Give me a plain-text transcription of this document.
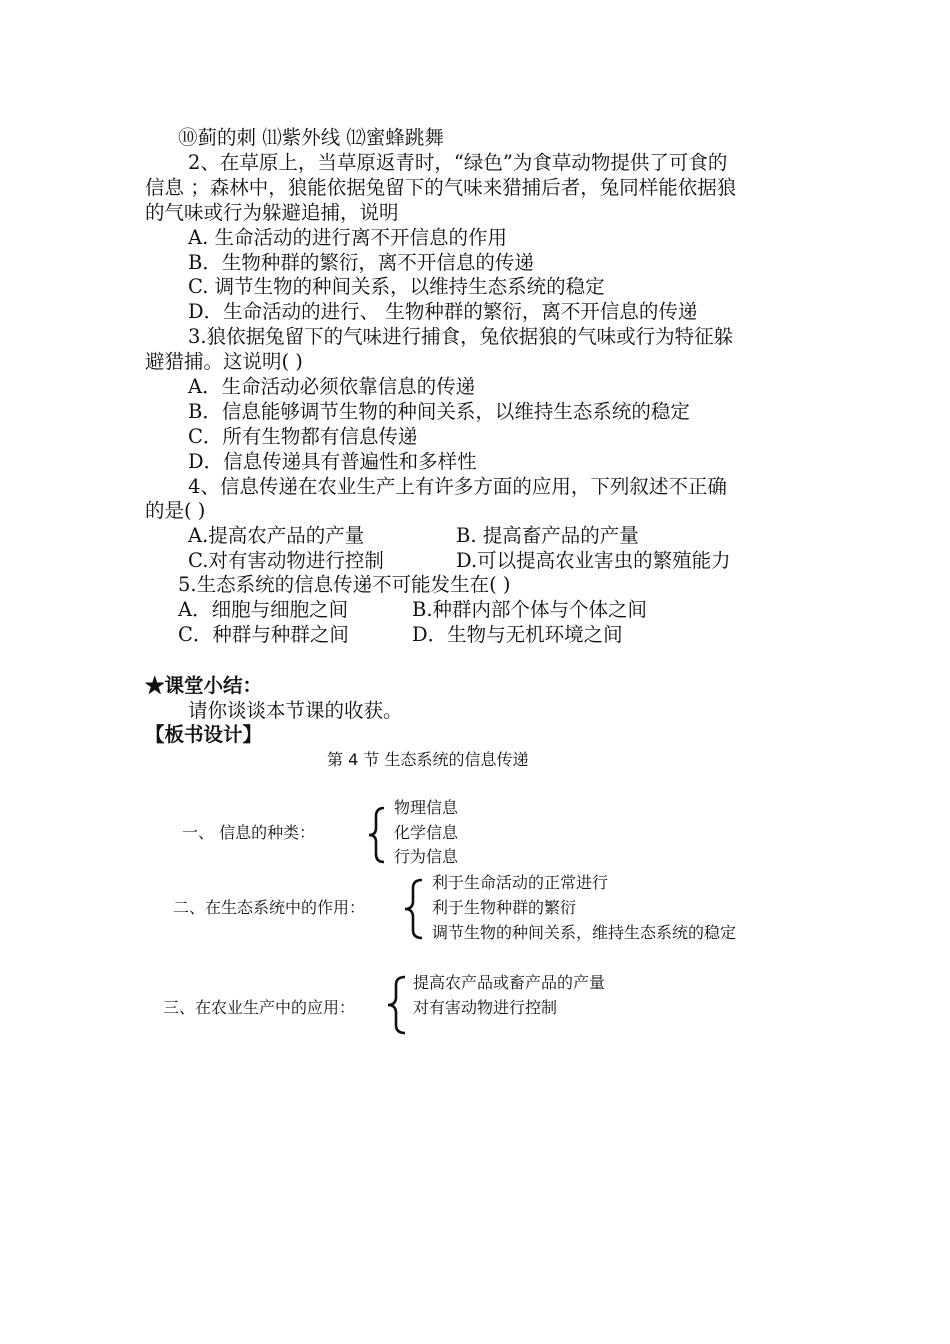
⑩蓟的刺 ⑾紫外线 ⑿蜜蜂跳舞
2、在草原上，当草原返青时，“绿色”为食草动物提供了可食的
信息 ；森林中，狼能依据兔留下的气味来猎捕后者，兔同样能依据狼
的气味或行为躲避追捕，说明
A. 生命活动的进行离不开信息的作用
B．生物种群的繁衍，离不开信息的传递
C. 调节生物的种间关系，以维持生态系统的稳定
D．生命活动的进行、 生物种群的繁衍，离不开信息的传递
3.狼依据兔留下的气味进行捕食，兔依据狼的气味或行为特征躲
避猎捕。这说明( )
A．生命活动必须依靠信息的传递
B．信息能够调节生物的种间关系，以维持生态系统的稳定
C．所有生物都有信息传递
D．信息传递具有普遍性和多样性
4、信息传递在农业生产上有许多方面的应用，下列叙述不正确
的是( )
A.提高农产品的产量	B. 提高畜产品的产量
C.对有害动物进行控制	D.可以提高农业害虫的繁殖能力
5.生态系统的信息传递不可能发生在( )
A．细胞与细胞之间	B.种群内部个体与个体之间
C．种群与种群之间	D．生物与无机环境之间
★课堂小结：
请你谈谈本节课的收获。
【板书设计】
第 4 节 生态系统的信息传递
一、 信息的种类：
物理信息
化学信息
行为信息
二、在生态系统中的作用：
利于生命活动的正常进行
利于生物种群的繁衍
调节生物的种间关系，维持生态系统的稳定
三、在农业生产中的应用：
提高农产品或畜产品的产量
对有害动物进行控制
